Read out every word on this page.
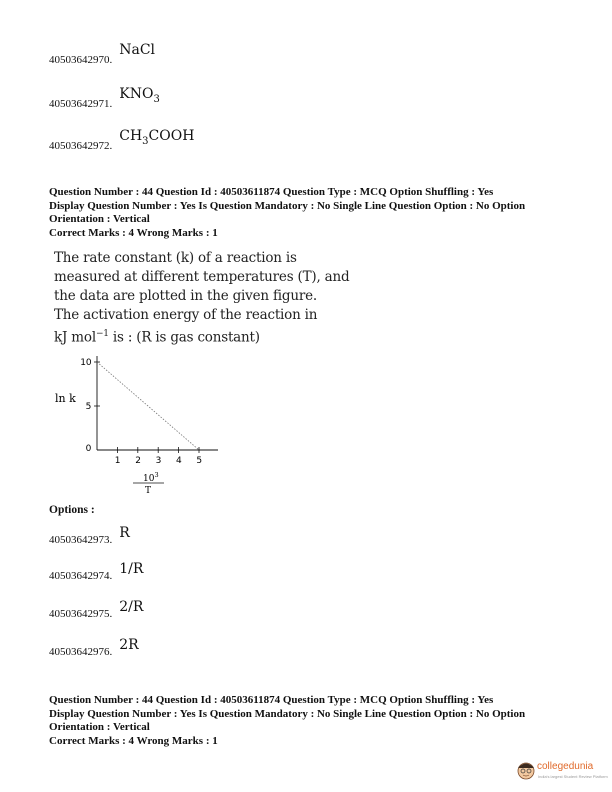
40503642970. NaCl
40503642971. $KNO_3$
40503642972. $CH_3COOH$
Question Number : 44 Question Id : 40503611874 Question Type : MCQ Option Shuffling : Yes
Display Question Number : Yes Is Question Mandatory : No Single Line Question Option : No Option
Orientation : Vertical
Correct Marks : 4 Wrong Marks : 1

The rate constant (k) of a reaction is

measured at different temperatures (T), and

the data are plotted in the given figure.

The activation energy of the reaction in

kJ mol$^{-1}$ is : (R is gas constant)

1 2 3 4 5
0
5
10
ln k
$10^3$
T
Options :
40503642973. R
40503642974. 1/R
40503642975. 2/R
40503642976. 2R
Question Number : 44 Question Id : 40503611874 Question Type : MCQ Option Shuffling : Yes
Display Question Number : Yes Is Question Mandatory : No Single Line Question Option : No Option
Orientation : Vertical
Correct Marks : 4 Wrong Marks : 1
collegedunia
India's largest Student Review Platform
